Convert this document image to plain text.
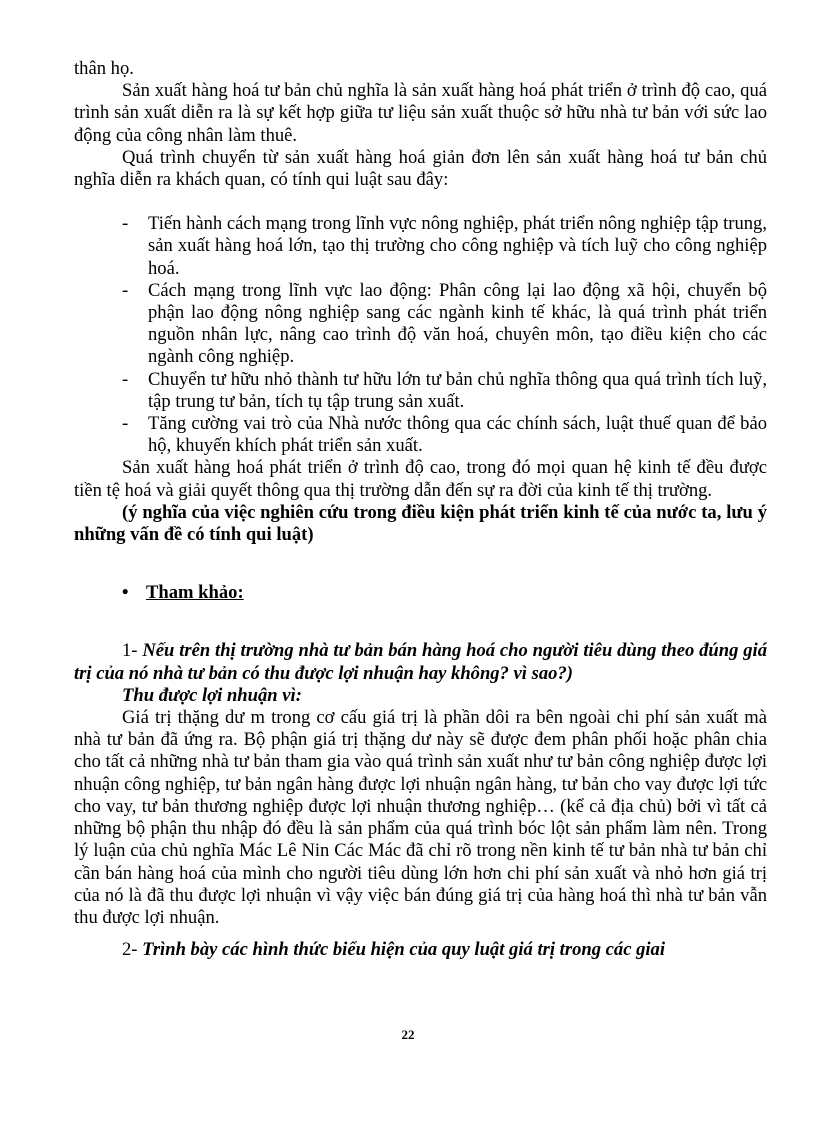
thân họ.

Sản xuất hàng hoá tư bản chủ nghĩa là sản xuất hàng hoá phát triển ở trình độ cao, quá trình sản xuất diễn ra là sự kết hợp giữa tư liệu sản xuất thuộc sở hữu nhà tư bản với sức lao động của công nhân làm thuê.

Quá trình chuyển từ sản xuất hàng hoá giản đơn lên sản xuất hàng hoá tư bản chủ nghĩa diễn ra khách quan, có tính qui luật sau đây:

- Tiến hành cách mạng trong lĩnh vực nông nghiệp, phát triển nông nghiệp tập trung, sản xuất hàng hoá lớn, tạo thị trường cho công nghiệp và tích luỹ cho công nghiệp hoá.
- Cách mạng trong lĩnh vực lao động: Phân công lại lao động xã hội, chuyển bộ phận lao động nông nghiệp sang các ngành kinh tế khác, là quá trình phát triển nguồn nhân lực, nâng cao trình độ văn hoá, chuyên môn, tạo điều kiện cho các ngành công nghiệp.
- Chuyển tư hữu nhỏ thành tư hữu lớn tư bản chủ nghĩa thông qua quá trình tích luỹ, tập trung tư bản, tích tụ tập trung sản xuất.
- Tăng cường vai trò của Nhà nước thông qua các chính sách, luật thuế quan để bảo hộ, khuyến khích phát triển sản xuất.

Sản xuất hàng hoá phát triển ở trình độ cao, trong đó mọi quan hệ kinh tế đều được tiền tệ hoá và giải quyết thông qua thị trường dẫn đến sự ra đời của kinh tế thị trường.

(ý nghĩa của việc nghiên cứu trong điều kiện phát triển kinh tế của nước ta, lưu ý những vấn đề có tính qui luật)

• Tham khảo:

1- Nếu trên thị trường nhà tư bản bán hàng hoá cho người tiêu dùng theo đúng giá trị của nó nhà tư bản có thu được lợi nhuận hay không? vì sao?)

Thu được lợi nhuận vì:

Giá trị thặng dư m trong cơ cấu giá trị là phần dôi ra bên ngoài chi phí sản xuất mà nhà tư bản đã ứng ra. Bộ phận giá trị thặng dư này sẽ được đem phân phối hoặc phân chia cho tất cả những nhà tư bản tham gia vào quá trình sản xuất như tư bản công nghiệp được lợi nhuận công nghiệp, tư bản ngân hàng được lợi nhuận ngân hàng, tư bản cho vay được lợi tức cho vay, tư bản thương nghiệp được lợi nhuận thương nghiệp… (kể cả địa chủ) bởi vì tất cả những bộ phận thu nhập đó đều là sản phẩm của quá trình bóc lột sản phẩm làm nên. Trong lý luận của chủ nghĩa Mác Lê Nin Các Mác đã chỉ rõ trong nền kinh tế tư bản nhà tư bản chỉ cần bán hàng hoá của mình cho người tiêu dùng lớn hơn chi phí sản xuất và nhỏ hơn giá trị của nó là đã thu được lợi nhuận vì vậy việc bán đúng giá trị của hàng hoá thì nhà tư bản vẫn thu được lợi nhuận.

2- Trình bày các hình thức biểu hiện của quy luật giá trị trong các giai

22
